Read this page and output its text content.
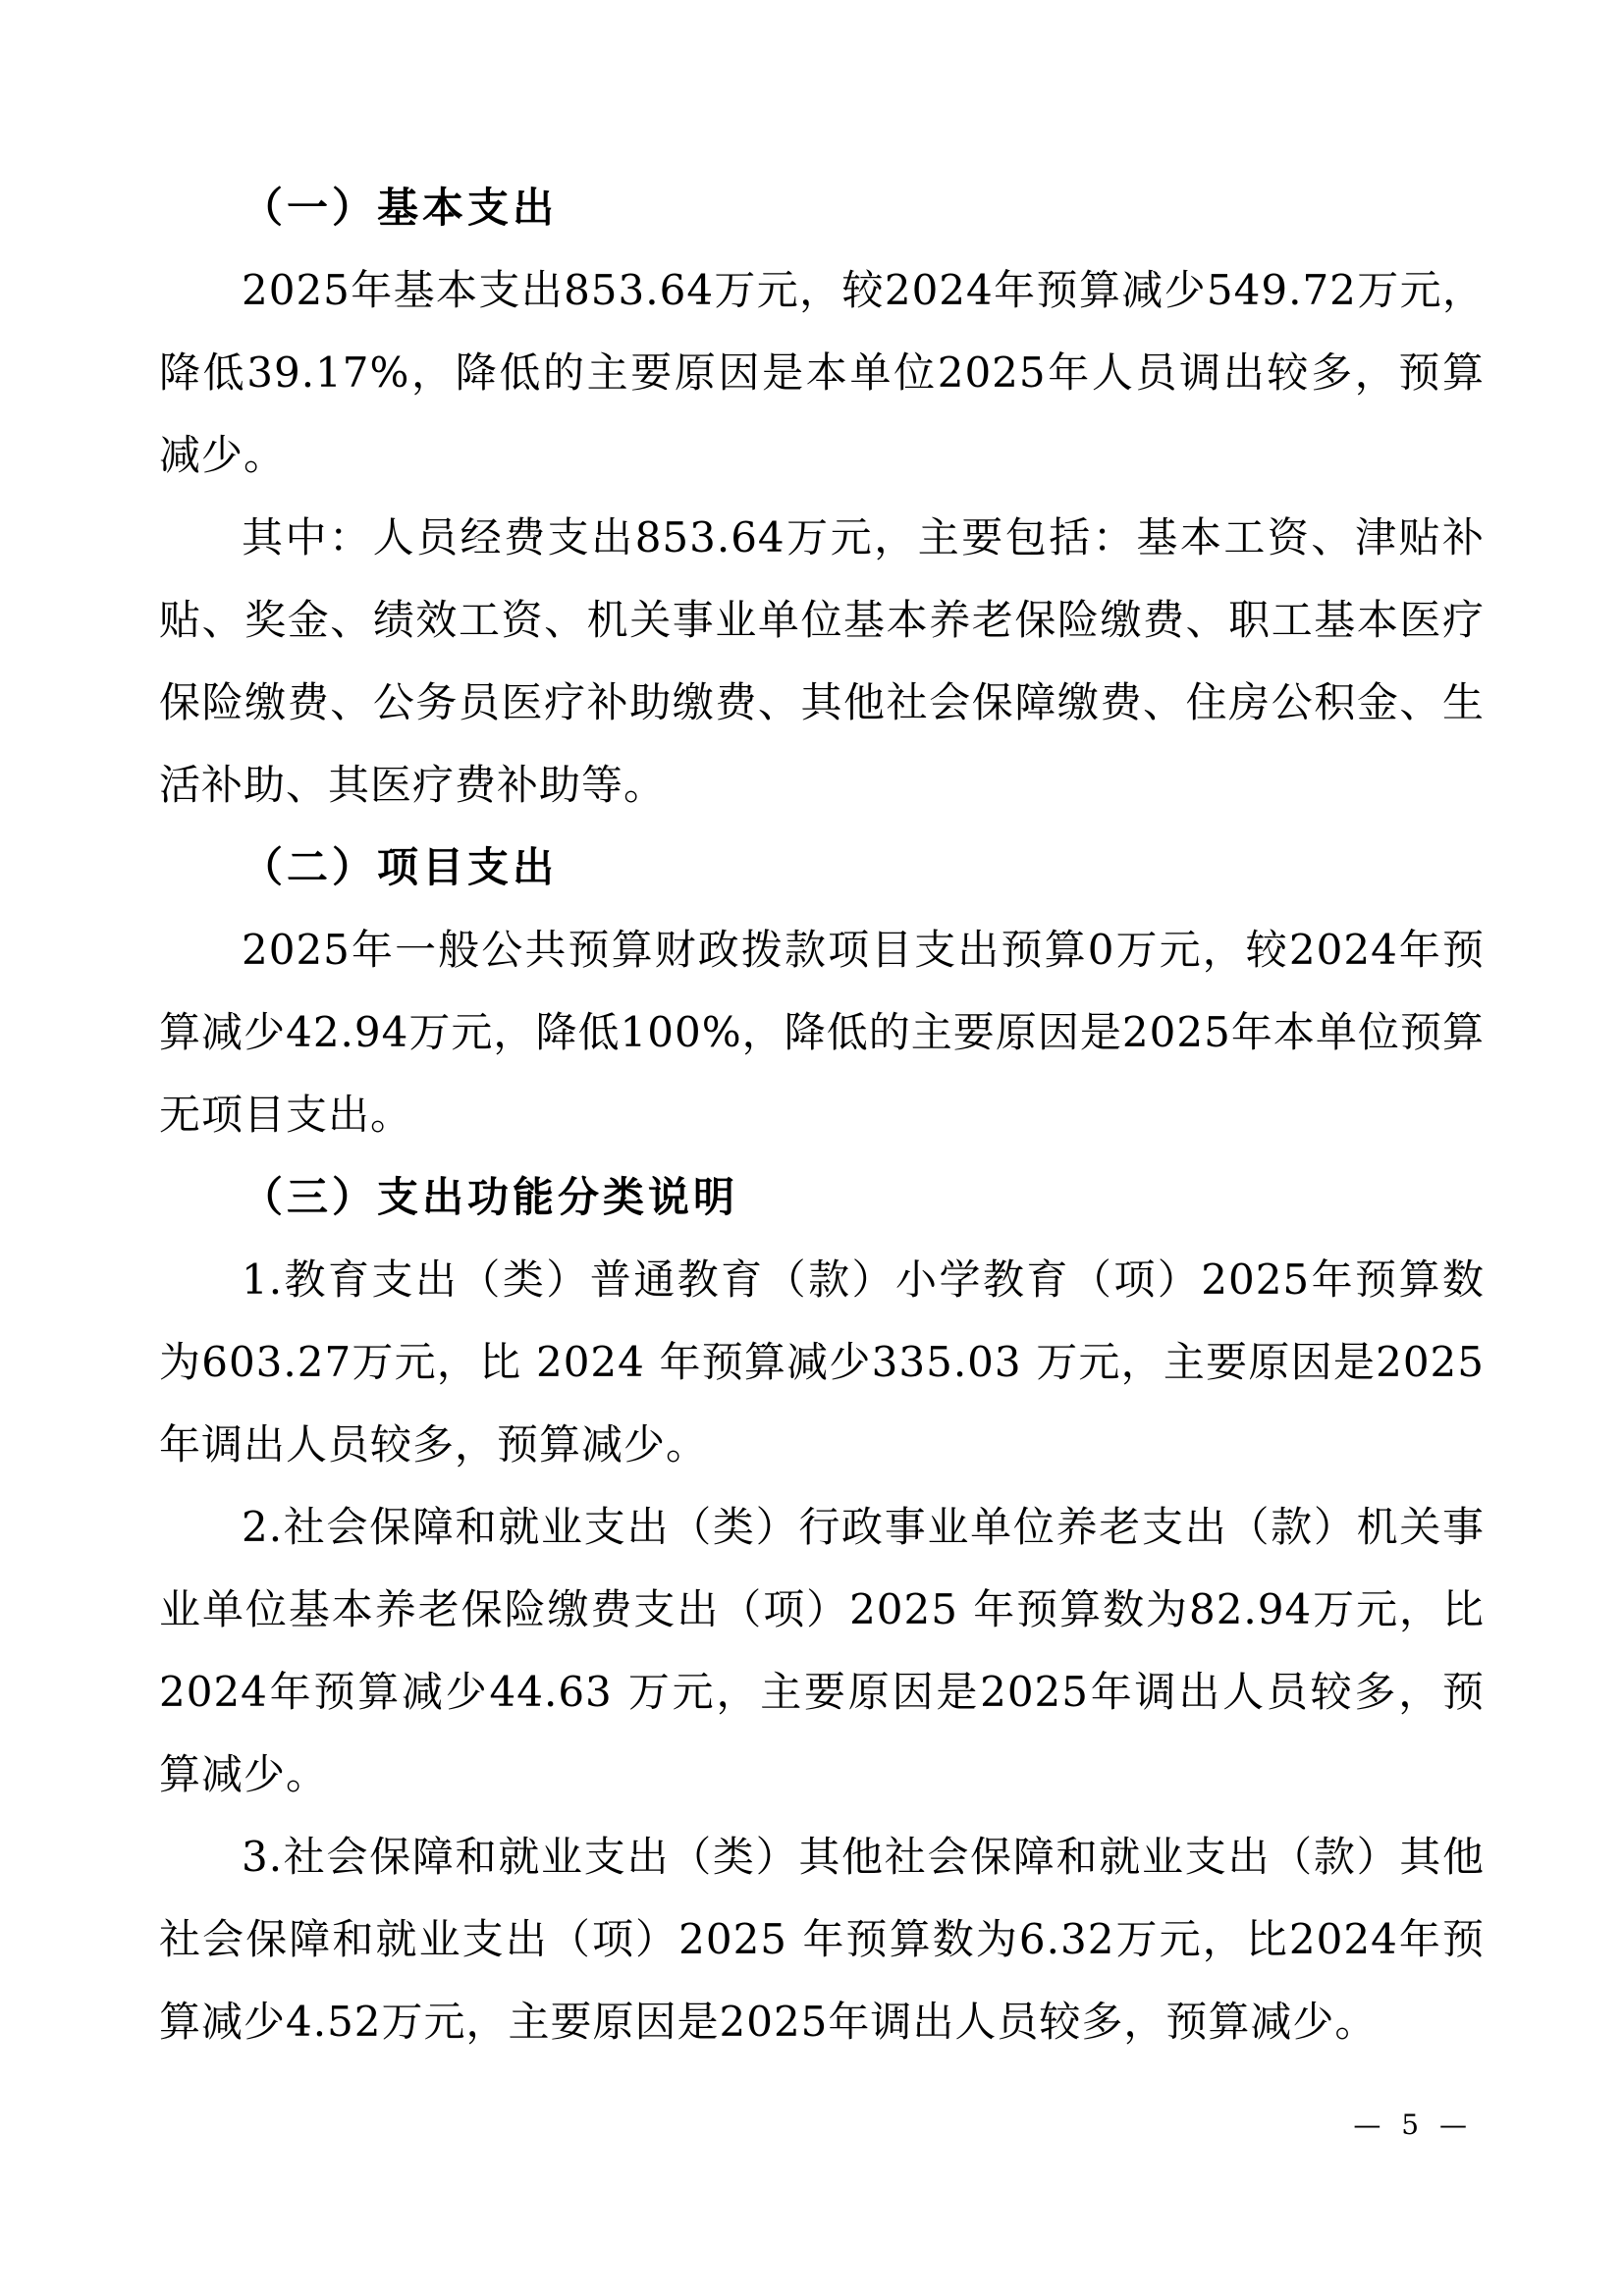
（一）基本支出

2025年基本支出853.64万元，较2024年预算减少549.72万元，降低39.17%，降低的主要原因是本单位2025年人员调出较多，预算减少。

其中：人员经费支出853.64万元，主要包括：基本工资、津贴补贴、奖金、绩效工资、机关事业单位基本养老保险缴费、职工基本医疗保险缴费、公务员医疗补助缴费、其他社会保障缴费、住房公积金、生活补助、其医疗费补助等。

（二）项目支出

2025年一般公共预算财政拨款项目支出预算0万元，较2024年预算减少42.94万元，降低100%，降低的主要原因是2025年本单位预算无项目支出。

（三）支出功能分类说明

1.教育支出（类）普通教育（款）小学教育（项）2025年预算数为603.27万元，比 2024 年预算减少335.03 万元，主要原因是2025年调出人员较多，预算减少。

2.社会保障和就业支出（类）行政事业单位养老支出（款）机关事业单位基本养老保险缴费支出（项）2025 年预算数为82.94万元，比2024年预算减少44.63 万元，主要原因是2025年调出人员较多，预算减少。

3.社会保障和就业支出（类）其他社会保障和就业支出（款）其他社会保障和就业支出（项）2025 年预算数为6.32万元，比2024年预算减少4.52万元，主要原因是2025年调出人员较多，预算减少。

— 5 —
